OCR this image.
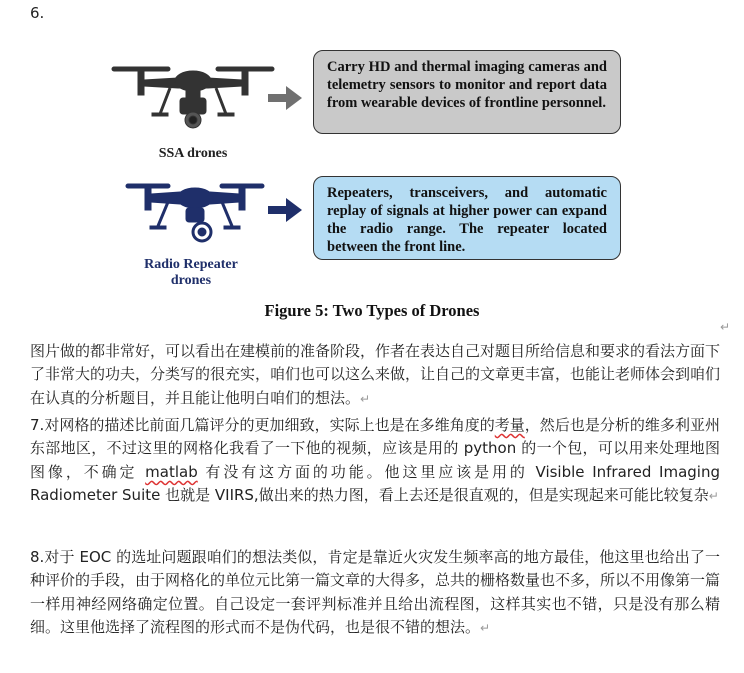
6.
Carry HD and thermal imaging cameras and telemetry sensors to monitor and report data from wearable devices of frontline personnel.
SSA drones
Repeaters, transceivers, and automatic replay of signals at higher power can expand the radio range. The repeater located between the front line.
Radio Repeater
drones
Figure 5: Two Types of Drones
↵
图片做的都非常好，可以看出在建模前的准备阶段，作者在表达自己对题目所给信息和要求的看法方面下了非常大的功夫，分类写的很充实，咱们也可以这么来做，让自己的文章更丰富，也能让老师体会到咱们在认真的分析题目，并且能让他明白咱们的想法。↵
7.对网格的描述比前面几篇评分的更加细致，实际上也是在多维角度的考量，然后也是分析的维多利亚州东部地区，不过这里的网格化我看了一下他的视频，应该是用的 python 的一个包，可以用来处理地图图像，不确定 matlab 有没有这方面的功能。他这里应该是用的 Visible Infrared Imaging Radiometer Suite 也就是 VIIRS,做出来的热力图，看上去还是很直观的，但是实现起来可能比较复杂↵
8.对于 EOC 的选址问题跟咱们的想法类似，肯定是靠近火灾发生频率高的地方最佳，他这里也给出了一种评价的手段，由于网格化的单位元比第一篇文章的大得多，总共的栅格数量也不多，所以不用像第一篇一样用神经网络确定位置。自己设定一套评判标准并且给出流程图，这样其实也不错，只是没有那么精细。这里他选择了流程图的形式而不是伪代码，也是很不错的想法。↵
